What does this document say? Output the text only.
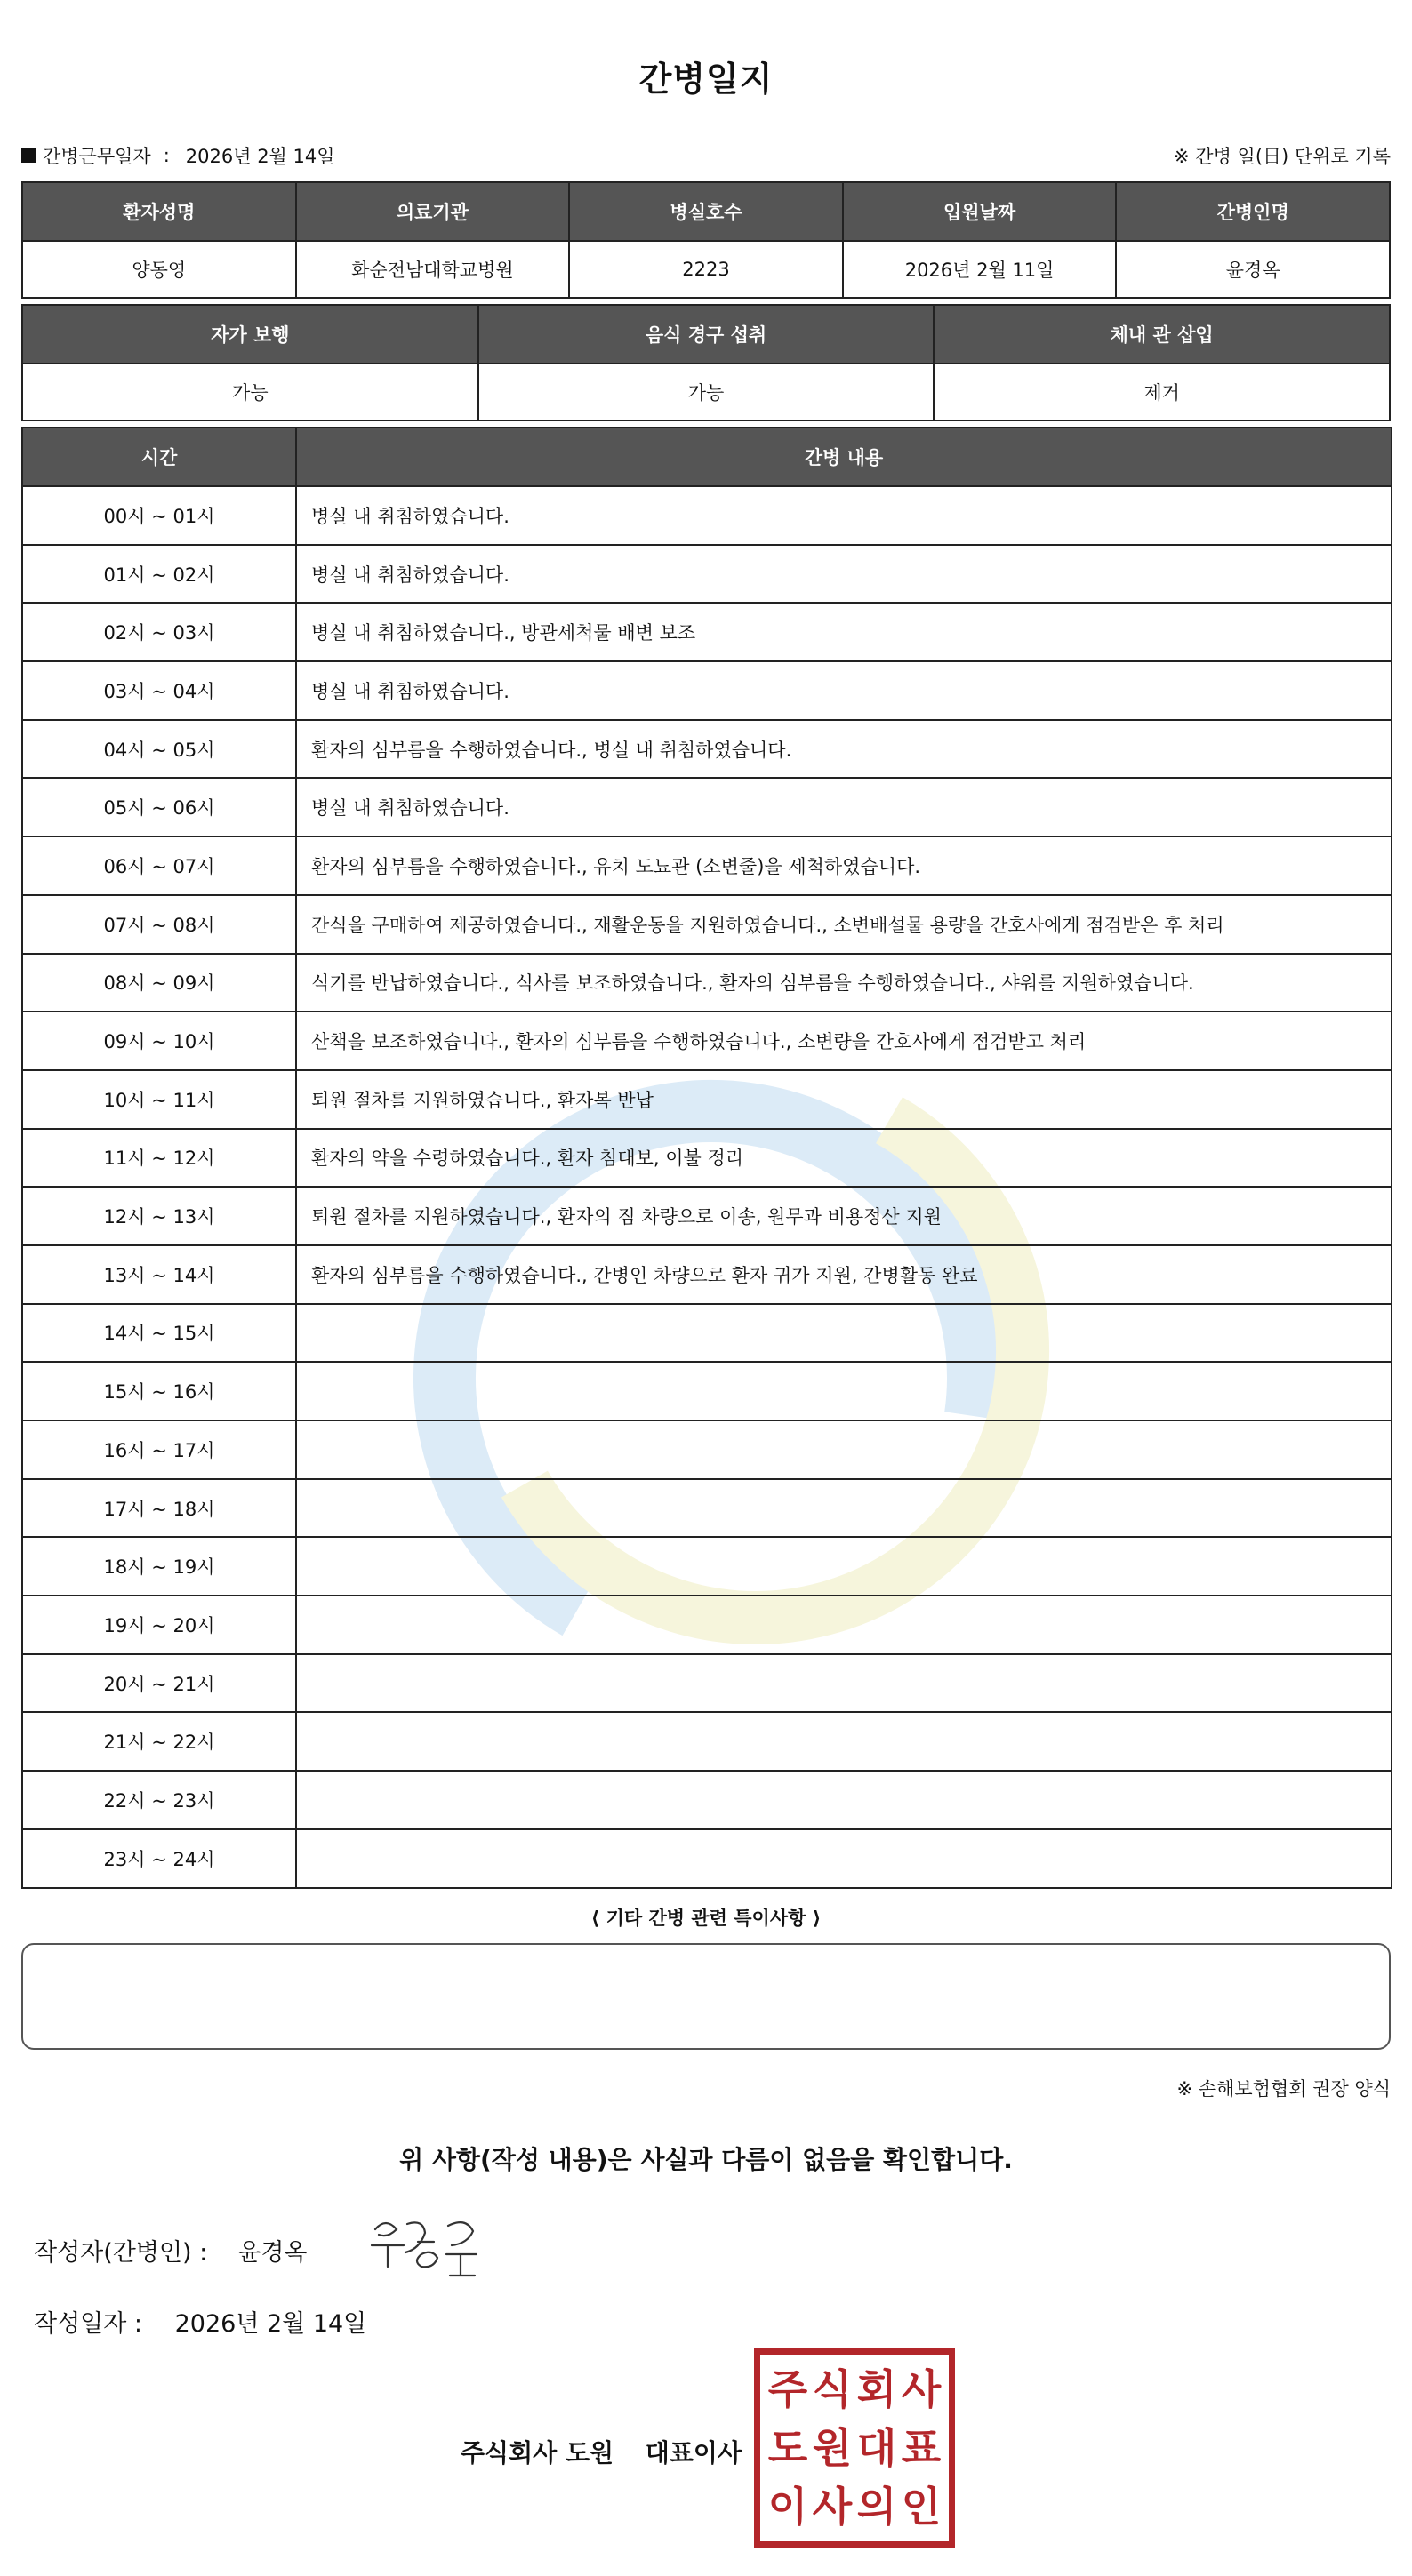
간병일지
간병근무일자 : 2026년 2월 14일	※ 간병 일(日) 단위로 기록
환자성명	의료기관	병실호수	입원날짜	간병인명
양동영	화순전남대학교병원	2223	2026년 2월 11일	윤경옥
자가 보행	음식 경구 섭취	체내 관 삽입
가능	가능	제거
시간	간병 내용
00시 ~ 01시	병실 내 취침하였습니다.
01시 ~ 02시	병실 내 취침하였습니다.
02시 ~ 03시	병실 내 취침하였습니다., 방관세척물 배변 보조
03시 ~ 04시	병실 내 취침하였습니다.
04시 ~ 05시	환자의 심부름을 수행하였습니다., 병실 내 취침하였습니다.
05시 ~ 06시	병실 내 취침하였습니다.
06시 ~ 07시	환자의 심부름을 수행하였습니다., 유치 도뇨관 (소변줄)을 세척하였습니다.
07시 ~ 08시	간식을 구매하여 제공하였습니다., 재활운동을 지원하였습니다., 소변배설물 용량을 간호사에게 점검받은 후 처리
08시 ~ 09시	식기를 반납하였습니다., 식사를 보조하였습니다., 환자의 심부름을 수행하였습니다., 샤워를 지원하였습니다.
09시 ~ 10시	산책을 보조하였습니다., 환자의 심부름을 수행하였습니다., 소변량을 간호사에게 점검받고 처리
10시 ~ 11시	퇴원 절차를 지원하였습니다., 환자복 반납
11시 ~ 12시	환자의 약을 수령하였습니다., 환자 침대보, 이불 정리
12시 ~ 13시	퇴원 절차를 지원하였습니다., 환자의 짐 차량으로 이송, 원무과 비용정산 지원
13시 ~ 14시	환자의 심부름을 수행하였습니다., 간병인 차량으로 환자 귀가 지원, 간병활동 완료
14시 ~ 15시	
15시 ~ 16시	
16시 ~ 17시	
17시 ~ 18시	
18시 ~ 19시	
19시 ~ 20시	
20시 ~ 21시	
21시 ~ 22시	
22시 ~ 23시	
23시 ~ 24시	
⟨ 기타 간병 관련 특이사항 ⟩
※ 손해보험협회 권장 양식
위 사항(작성 내용)은 사실과 다름이 없음을 확인합니다.
작성자(간병인) : 윤경옥
작성일자 : 2026년 2월 14일
주식회사 도원 대표이사
주 식 회 사
도 원 대 표
이 사 의 인
